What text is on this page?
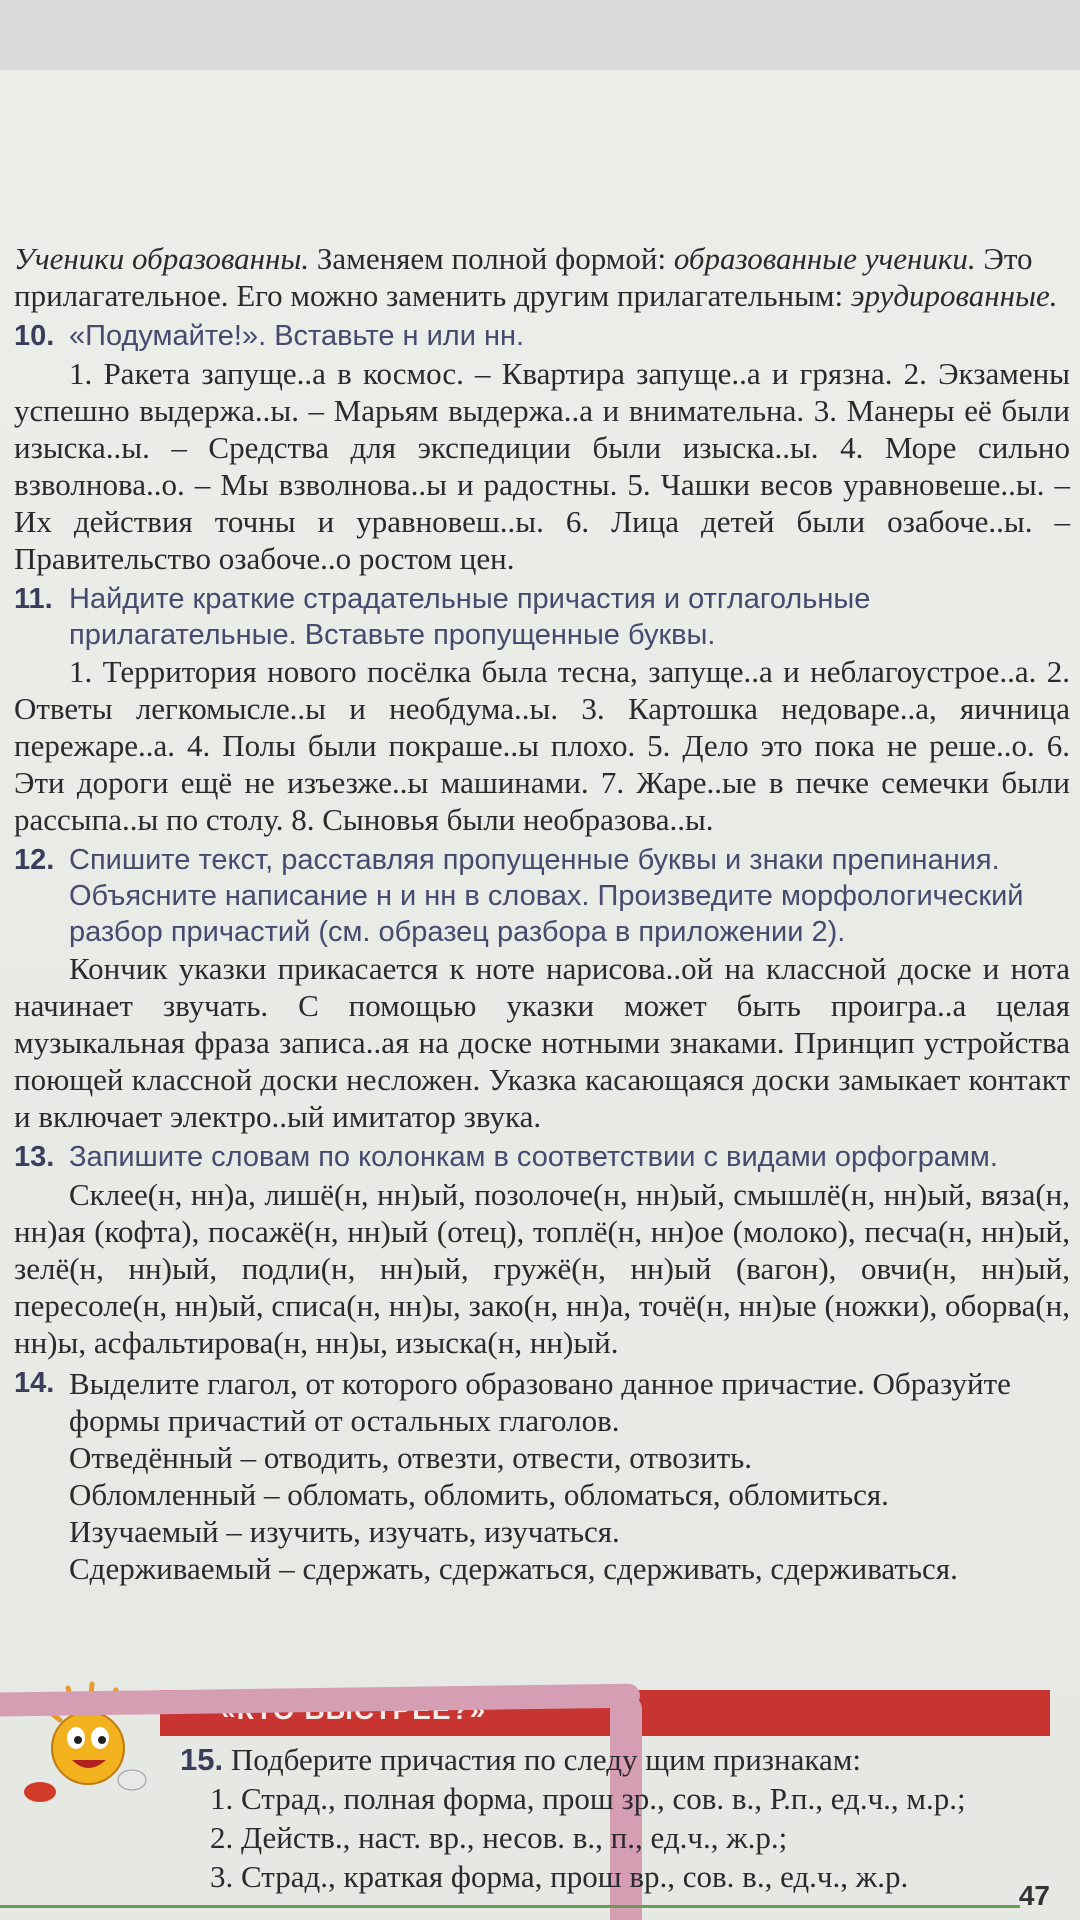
Ученики образованны. Заменяем полной формой: образованные ученики. Это
прилагательное. Его можно заменить другим прилагательным: эрудированные.

10. «Подумайте!». Вставьте н или нн.

1. Ракета запуще..а в космос. – Квартира запуще..а и грязна. 2. Экзамены успешно выдержа..ы. – Марьям выдержа..а и внимательна. 3. Манеры её были изыска..ы. – Средства для экспедиции были изыска..ы. 4. Море сильно взволнова..о. – Мы взволнова..ы и радостны. 5. Чашки весов уравновеше..ы. – Их действия точны и уравновеш..ы. 6. Лица детей были озабоче..ы. – Правительство озабоче..о ростом цен.

11. Найдите краткие страдательные причастия и отглагольные прилагательные. Вставьте пропущенные буквы.

1. Территория нового посёлка была тесна, запуще..а и неблагоустрое..а. 2. Ответы легкомысле..ы и необдума..ы. 3. Картошка недоваре..а, яичница пережаре..а. 4. Полы были покраше..ы плохо. 5. Дело это пока не реше..о. 6. Эти дороги ещё не изъезже..ы машинами. 7. Жаре..ые в печке семечки были рассыпа..ы по столу. 8. Сыновья были необразова..ы.

12. Спишите текст, расставляя пропущенные буквы и знаки препинания. Объясните написание н и нн в словах. Произведите морфологический разбор причастий (см. образец разбора в приложении 2).

Кончик указки прикасается к ноте нарисова..ой на классной доске и нота начинает звучать. С помощью указки может быть проигра..а целая музыкальная фраза записа..ая на доске нотными знаками. Принцип устройства поющей классной доски несложен. Указка касающаяся доски замыкает контакт и включает электро..ый имитатор звука.

13. Запишите словам по колонкам в соответствии с видами орфограмм.

Склее(н, нн)а, лишё(н, нн)ый, позолоче(н, нн)ый, смышлё(н, нн)ый, вяза(н, нн)ая (кофта), посажё(н, нн)ый (отец), топлё(н, нн)ое (молоко), песча(н, нн)ый, зелё(н, нн)ый, подли(н, нн)ый, гружё(н, нн)ый (вагон), овчи(н, нн)ый, пересоле(н, нн)ый, списа(н, нн)ы, зако(н, нн)а, точё(н, нн)ые (ножки), оборва(н, нн)ы, асфальтирова(н, нн)ы, изыска(н, нн)ый.

14. Выделите глагол, от которого образовано данное причастие. Образуйте формы причастий от остальных глаголов.

Отведённый – отводить, отвезти, отвести, отвозить.

Обломленный – обломать, обломить, обломаться, обломиться.

Изучаемый – изучить, изучать, изучаться.

Сдерживаемый – сдержать, сдержаться, сдерживать, сдерживаться.

15. Подберите причастия по следу щим признакам:

1. Страд., полная форма, прош зр., сов. в., Р.п., ед.ч., м.р.;

2. Действ., наст. вр., несов. в., п., ед.ч., ж.р.;

3. Страд., краткая форма, прош вр., сов. в., ед.ч., ж.р.

47
